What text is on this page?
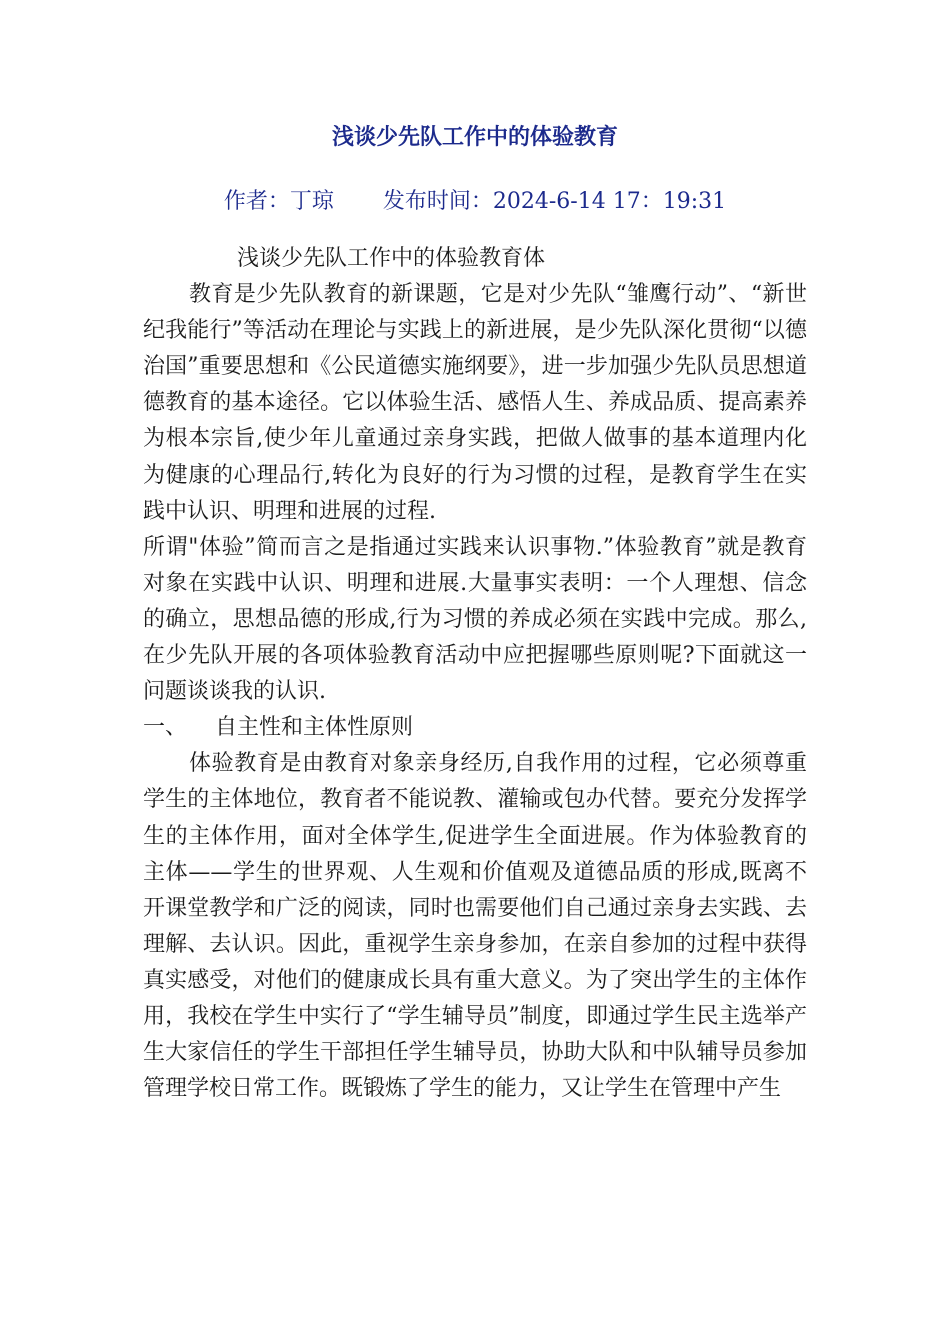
浅谈少先队工作中的体验教育
作者：丁琼 发布时间：2024-6-14 17：19:31

浅谈少先队工作中的体验教育体

教育是少先队教育的新课题，它是对少先队“雏鹰行动”、“新世纪我能行”等活动在理论与实践上的新进展，是少先队深化贯彻“以德治国”重要思想和《公民道德实施纲要》，进一步加强少先队员思想道德教育的基本途径。它以体验生活、感悟人生、养成品质、提高素养为根本宗旨,使少年儿童通过亲身实践，把做人做事的基本道理内化为健康的心理品行,转化为良好的行为习惯的过程，是教育学生在实践中认识、明理和进展的过程.

所谓"体验”简而言之是指通过实践来认识事物.”体验教育”就是教育对象在实践中认识、明理和进展.大量事实表明：一个人理想、信念的确立，思想品德的形成,行为习惯的养成必须在实践中完成。那么,在少先队开展的各项体验教育活动中应把握哪些原则呢?下面就这一问题谈谈我的认识.

一、    自主性和主体性原则

体验教育是由教育对象亲身经历,自我作用的过程，它必须尊重学生的主体地位，教育者不能说教、灌输或包办代替。要充分发挥学生的主体作用，面对全体学生,促进学生全面进展。作为体验教育的主体——学生的世界观、人生观和价值观及道德品质的形成,既离不开课堂教学和广泛的阅读，同时也需要他们自己通过亲身去实践、去理解、去认识。因此，重视学生亲身参加，在亲自参加的过程中获得真实感受，对他们的健康成长具有重大意义。为了突出学生的主体作用，我校在学生中实行了“学生辅导员”制度，即通过学生民主选举产生大家信任的学生干部担任学生辅导员，协助大队和中队辅导员参加管理学校日常工作。既锻炼了学生的能力，又让学生在管理中产生
